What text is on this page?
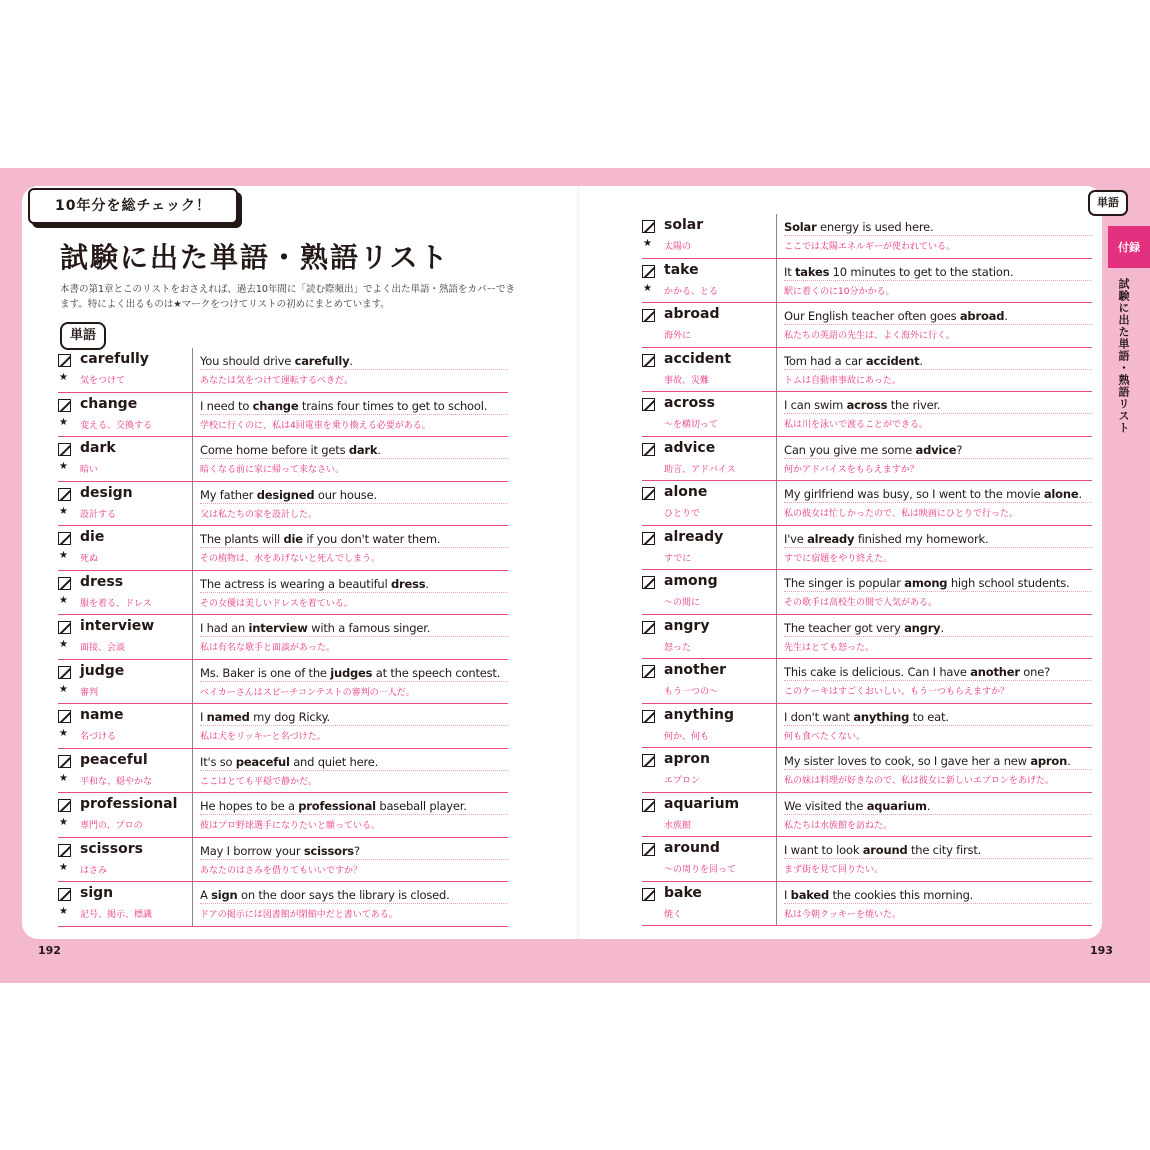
10年分を総チェック！
試験に出た単語・熟語リスト
本書の第1章とこのリストをおさえれば、過去10年間に「読む際頻出」でよく出た単語・熟語をカバーできます。特によく出るものは★マークをつけてリストの初めにまとめています。
単語
単語
付録
試験に出た単語・熟語リスト
192	193
★
carefully
気をつけて
You should drive carefully.
あなたは気をつけて運転するべきだ。
★
change
変える、交換する
I need to change trains four times to get to school.
学校に行くのに、私は4回電車を乗り換える必要がある。
★
dark
暗い
Come home before it gets dark.
暗くなる前に家に帰って来なさい。
★
design
設計する
My father designed our house.
父は私たちの家を設計した。
★
die
死ぬ
The plants will die if you don't water them.
その植物は、水をあげないと死んでしまう。
★
dress
服を着る、ドレス
The actress is wearing a beautiful dress.
その女優は美しいドレスを着ている。
★
interview
面接、会談
I had an interview with a famous singer.
私は有名な歌手と面談があった。
★
judge
審判
Ms. Baker is one of the judges at the speech contest.
ベイカーさんはスピーチコンテストの審判の一人だ。
★
name
名づける
I named my dog Ricky.
私は犬をリッキーと名づけた。
★
peaceful
平和な、穏やかな
It's so peaceful and quiet here.
ここはとても平穏で静かだ。
★
professional
専門の、プロの
He hopes to be a professional baseball player.
彼はプロ野球選手になりたいと願っている。
★
scissors
はさみ
May I borrow your scissors?
あなたのはさみを借りてもいいですか？
★
sign
記号、掲示、標識
A sign on the door says the library is closed.
ドアの掲示には図書館が閉館中だと書いてある。
★
solar
太陽の
Solar energy is used here.
ここでは太陽エネルギーが使われている。
★
take
かかる、とる
It takes 10 minutes to get to the station.
駅に着くのに10分かかる。
abroad
海外に
Our English teacher often goes abroad.
私たちの英語の先生は、よく海外に行く。
accident
事故、災難
Tom had a car accident.
トムは自動車事故にあった。
across
～を横切って
I can swim across the river.
私は川を泳いで渡ることができる。
advice
助言、アドバイス
Can you give me some advice?
何かアドバイスをもらえますか？
alone
ひとりで
My girlfriend was busy, so I went to the movie alone.
私の彼女は忙しかったので、私は映画にひとりで行った。
already
すでに
I've already finished my homework.
すでに宿題をやり終えた。
among
～の間に
The singer is popular among high school students.
その歌手は高校生の間で人気がある。
angry
怒った
The teacher got very angry.
先生はとても怒った。
another
もう一つの～
This cake is delicious. Can I have another one?
このケーキはすごくおいしい。もう一つもらえますか？
anything
何か、何も
I don't want anything to eat.
何も食べたくない。
apron
エプロン
My sister loves to cook, so I gave her a new apron.
私の妹は料理が好きなので、私は彼女に新しいエプロンをあげた。
aquarium
水族館
We visited the aquarium.
私たちは水族館を訪ねた。
around
～の周りを回って
I want to look around the city first.
まず街を見て回りたい。
bake
焼く
I baked the cookies this morning.
私は今朝クッキーを焼いた。
